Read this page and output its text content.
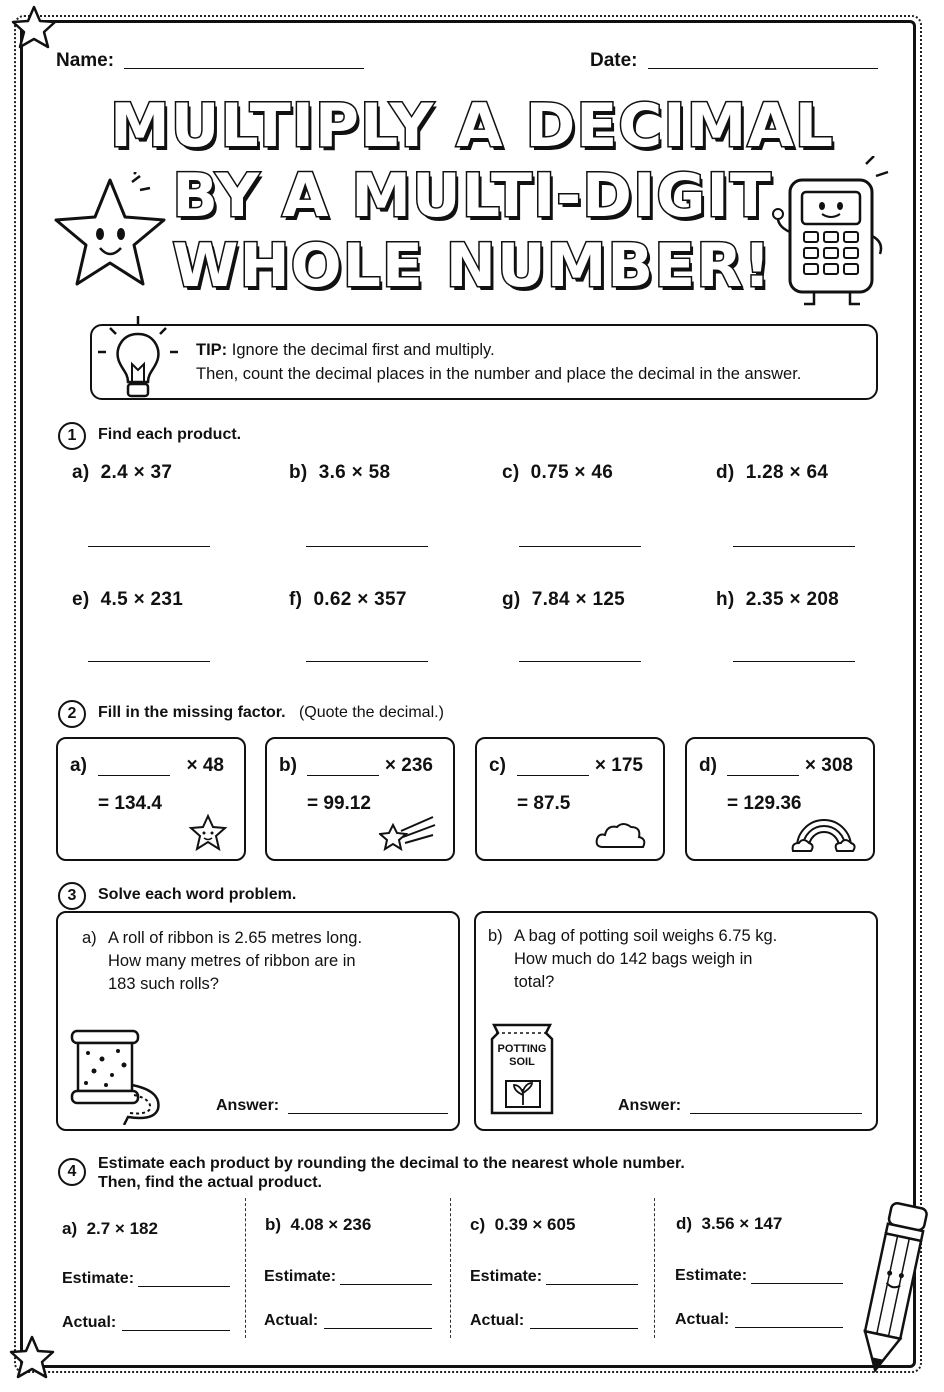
Name:	Date:
MULTIPLY A DECIMAL
BY A MULTI-DIGIT
WHOLE NUMBER!
TIP: Ignore the decimal first and multiply.
Then, count the decimal places in the number and place the decimal in the answer.
1	Find each product.
a) 2.4 × 37	b) 3.6 × 58	c) 0.75 × 46	d) 1.28 × 64
e) 4.5 × 231	f) 0.62 × 357	g) 7.84 × 125	h) 2.35 × 208
2	Fill in the missing factor. (Quote the decimal.)
a)	× 48
= 134.4
b)	× 236
= 99.12
c)	× 175
= 87.5
d)	× 308
= 129.36
3	Solve each word problem.
a) A roll of ribbon is 2.65 metres long.
How many metres of ribbon are in
183 such rolls?
Answer:
b) A bag of potting soil weighs 6.75 kg.
How much do 142 bags weigh in
total?
POTTING
SOIL
Answer:
4	Estimate each product by rounding the decimal to the nearest whole number.
Then, find the actual product.
a) 2.7 × 182	b) 4.08 × 236	c) 0.39 × 605	d) 3.56 × 147
Estimate:	Estimate:	Estimate:	Estimate:
Actual:	Actual:	Actual:	Actual:
